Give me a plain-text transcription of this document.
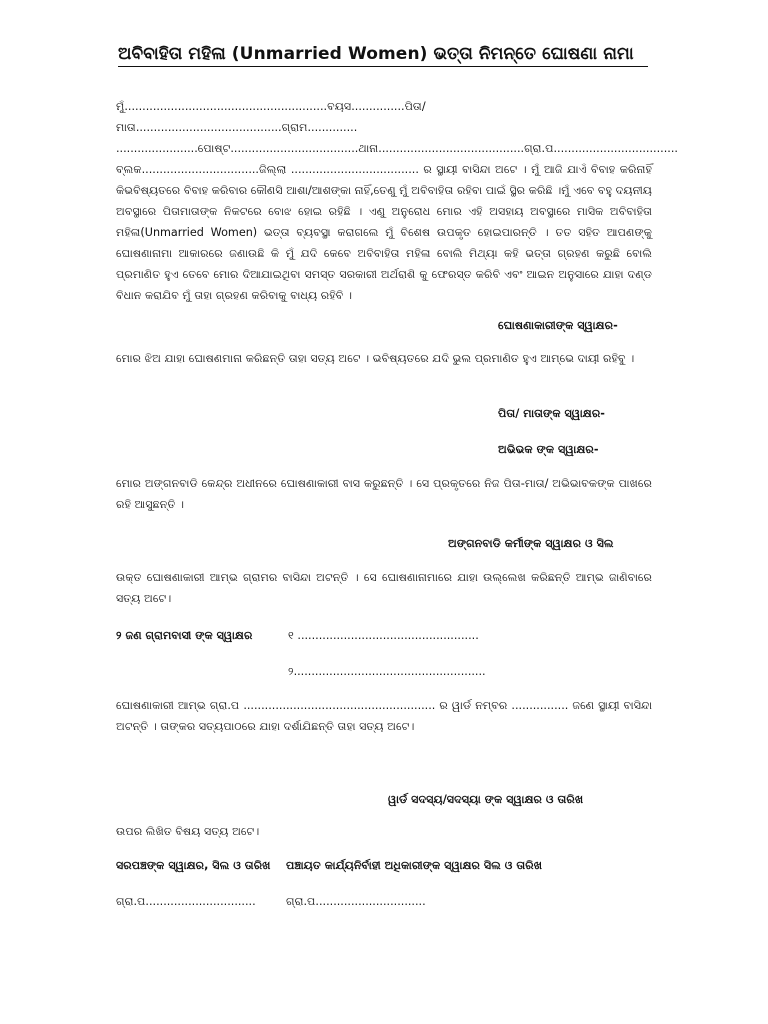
ଅବିବାହିତା ମହିଳା (Unmarried Women) ଭତ୍ତା ନିମନ୍ତେ ଘୋଷଣା ନାମା
ମୁଁ.........................................................ବୟସ...............ପିତା/ମାତା.........................................ଗ୍ରାମ.............. .......................ପୋଷ୍ଟ....................................ଥାନା.........................................ଗ୍ରା.ପ................................... ବ୍ଲକ.................................ଜିଲ୍ଲା .................................... ର ସ୍ଥାୟୀ ବାସିନ୍ଦା ଅଟେ । ମୁଁ ଆଜି ଯାଏଁ ବିବାହ କରିନାହିଁ କିଭବିଷ୍ୟତରେ ବିବାହ କରିବାର କୌଣସି ଆଶା/ଆଶଙ୍କା ନାହିଁ,ତେଣୁ ମୁଁ ଅବିବାହିତା ରହିବା ପାଇଁ ସ୍ଥିର କରିଛି ।ମୁଁ ଏବେ ବହୁ ଦୟନୀୟ ଅବସ୍ଥାରେ ପିତାମାତାଙ୍କ ନିକଟରେ ବୋଝ ହୋଇ ରହିଛି । ଏଣୁ ଅନୁରୋଧ ମୋର ଏହି ଅସହାୟ ଅବସ୍ଥାରେ ମାସିକ ଅବିବାହିତା ମହିଳା(Unmarried Women) ଭତ୍ତା ବ୍ୟବସ୍ଥା କରାଗଲେ ମୁଁ ବିଶେଷ ଉପକୃତ ହୋଇପାରନ୍ତି । ତତ ସହିତ ଆପଣଙ୍କୁ ଘୋଷଣାନାମା ଆକାରରେ ଜଣାଉଛି କି ମୁଁ ଯଦି କେବେ ଅବିବାହିତା ମହିଳା ବୋଲି ମିଥ୍ୟା କହି ଭତ୍ତା ଗ୍ରହଣ କରୁଛି ବୋଲି ପ୍ରମାଣିତ ହୁଏ ତେବେ ମୋର ଦିଆଯାଇଥିବା ସମସ୍ତ ସରକାରୀ ଅର୍ଥରାଶି କୁ ଫେରସ୍ତ କରିବି ଏବଂ ଆଇନ ଅନୁସାରେ ଯାହା ଦଣ୍ଡ ବିଧାନ କରାଯିବ ମୁଁ ତାହା ଗ୍ରହଣ କରିବାକୁ ବାଧ୍ୟ ରହିବି ।
ଘୋଷଣାକାରୀଙ୍କ ସ୍ୱାକ୍ଷର-
ମୋର ଝିଅ ଯାହା ଘୋଷଣମାନା କରିଛନ୍ତି ତାହା ସତ୍ୟ ଅଟେ । ଭବିଷ୍ୟତରେ ଯଦି ଭୁଲ ପ୍ରମାଣିତ ହୁଏ ଆମ୍ଭେ ଦାୟୀ ରହିବୁ ।
ପିତା/ ମାତାଙ୍କ ସ୍ୱାକ୍ଷର-
ଅଭିଭକ ଙ୍କ ସ୍ୱାକ୍ଷର-
ମୋର ଅଙ୍ଗନବାଡି କେନ୍ଦ୍ର ଅଧୀନରେ ଘୋଷଣାକାରୀ ବାସ କରୁଛନ୍ତି । ସେ ପ୍ରକୃତରେ ନିଜ ପିତା-ମାତା/ ଅଭିଭାବକଙ୍କ ପାଖରେ ରହି ଆସୁଛନ୍ତି ।
ଅଙ୍ଗନବାଡି କର୍ମୀଙ୍କ ସ୍ୱାକ୍ଷର ଓ ସିଲ
ଉକ୍ତ ଘୋଷଣାକାରୀ ଆମ୍ଭ ଗ୍ରାମର ବାସିନ୍ଦା ଅଟନ୍ତି । ସେ ଘୋଷଣାନାମାରେ ଯାହା ଉଲ୍ଲେଖ କରିଛନ୍ତି ଆମ୍ଭ ଜାଣିବାରେ ସତ୍ୟ ଅଟେ।
୨ ଜଣ ଗ୍ରାମବାସୀ ଙ୍କ ସ୍ୱାକ୍ଷର	୧ ...................................................
୨......................................................
ଘୋଷଣାକାରୀ ଆମ୍ଭ ଗ୍ରା.ପ ...................................................... ର ୱାର୍ଡ ନମ୍ବର ................ ଜଣେ ସ୍ଥାୟୀ ବାସିନ୍ଦା ଅଟନ୍ତି । ତାଙ୍କର ସତ୍ୟପାଠରେ ଯାହା ଦର୍ଶାଯିଛନ୍ତି ତାହା ସତ୍ୟ ଅଟେ।
ୱାର୍ଡ ସଦସ୍ୟ/ସଦସ୍ୟା ଙ୍କ ସ୍ୱାକ୍ଷର ଓ ତାରିଖ
ଉପର ଲିଖିତ ବିଷୟ ସତ୍ୟ ଅଟେ।
ସରପଞ୍ଚଙ୍କ ସ୍ୱାକ୍ଷର, ସିଲ ଓ ତାରିଖ ପଞ୍ଚାୟତ କାର୍ଯ୍ୟନିର୍ବାହୀ ଅଧିକାରୀଙ୍କ ସ୍ୱାକ୍ଷର ସିଲ ଓ ତାରିଖ
ଗ୍ରା.ପ...............................	ଗ୍ରା.ପ...............................
